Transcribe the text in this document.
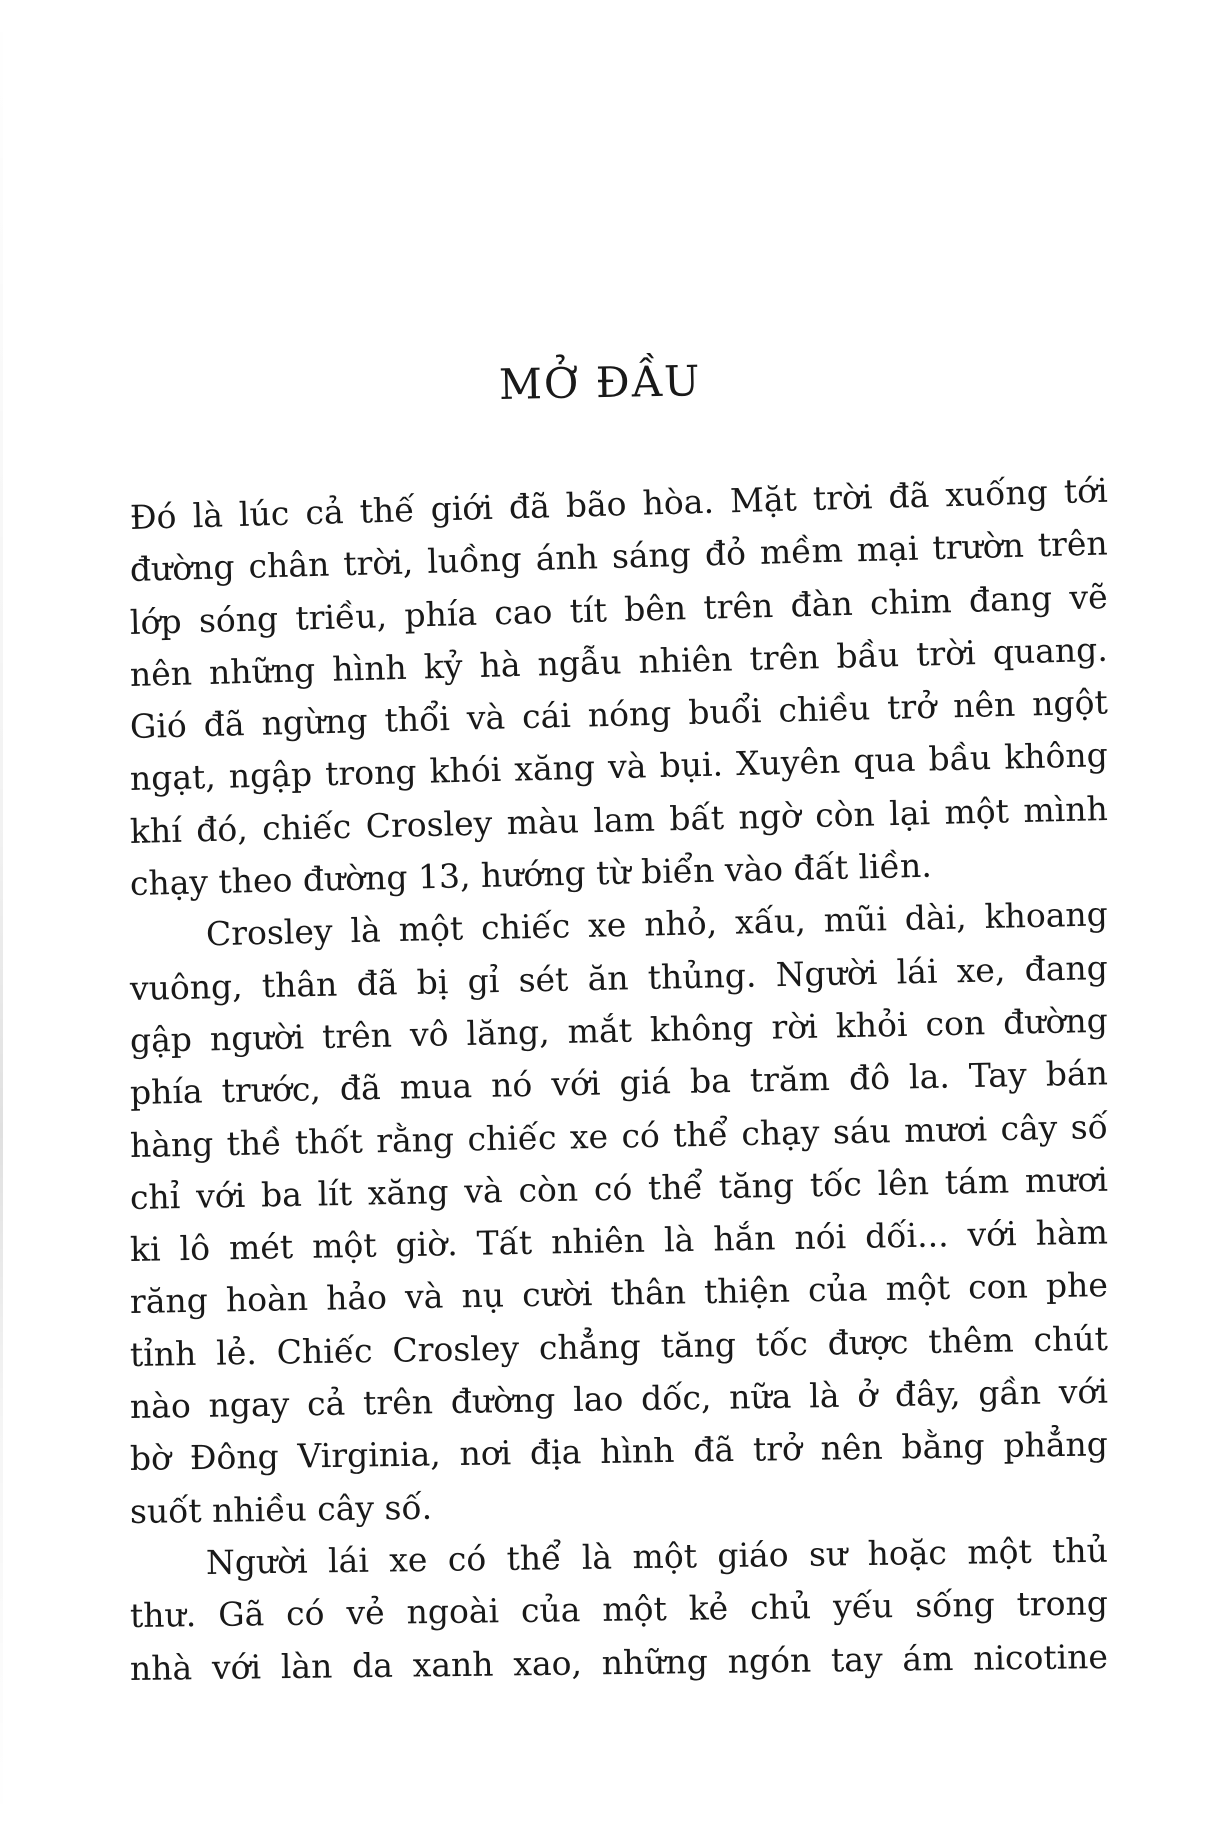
MỞ ĐẦU
Đó là lúc cả thế giới đã bão hòa. Mặt trời đã xuống tới
đường chân trời, luồng ánh sáng đỏ mềm mại trườn trên
lớp sóng triều, phía cao tít bên trên đàn chim đang vẽ
nên những hình kỷ hà ngẫu nhiên trên bầu trời quang.
Gió đã ngừng thổi và cái nóng buổi chiều trở nên ngột
ngạt, ngập trong khói xăng và bụi. Xuyên qua bầu không
khí đó, chiếc Crosley màu lam bất ngờ còn lại một mình
chạy theo đường 13, hướng từ biển vào đất liền.
Crosley là một chiếc xe nhỏ, xấu, mũi dài, khoang
vuông, thân đã bị gỉ sét ăn thủng. Người lái xe, đang
gập người trên vô lăng, mắt không rời khỏi con đường
phía trước, đã mua nó với giá ba trăm đô la. Tay bán
hàng thề thốt rằng chiếc xe có thể chạy sáu mươi cây số
chỉ với ba lít xăng và còn có thể tăng tốc lên tám mươi
ki lô mét một giờ. Tất nhiên là hắn nói dối... với hàm
răng hoàn hảo và nụ cười thân thiện của một con phe
tỉnh lẻ. Chiếc Crosley chẳng tăng tốc được thêm chút
nào ngay cả trên đường lao dốc, nữa là ở đây, gần với
bờ Đông Virginia, nơi địa hình đã trở nên bằng phẳng
suốt nhiều cây số.
Người lái xe có thể là một giáo sư hoặc một thủ
thư. Gã có vẻ ngoài của một kẻ chủ yếu sống trong
nhà với làn da xanh xao, những ngón tay ám nicotine
